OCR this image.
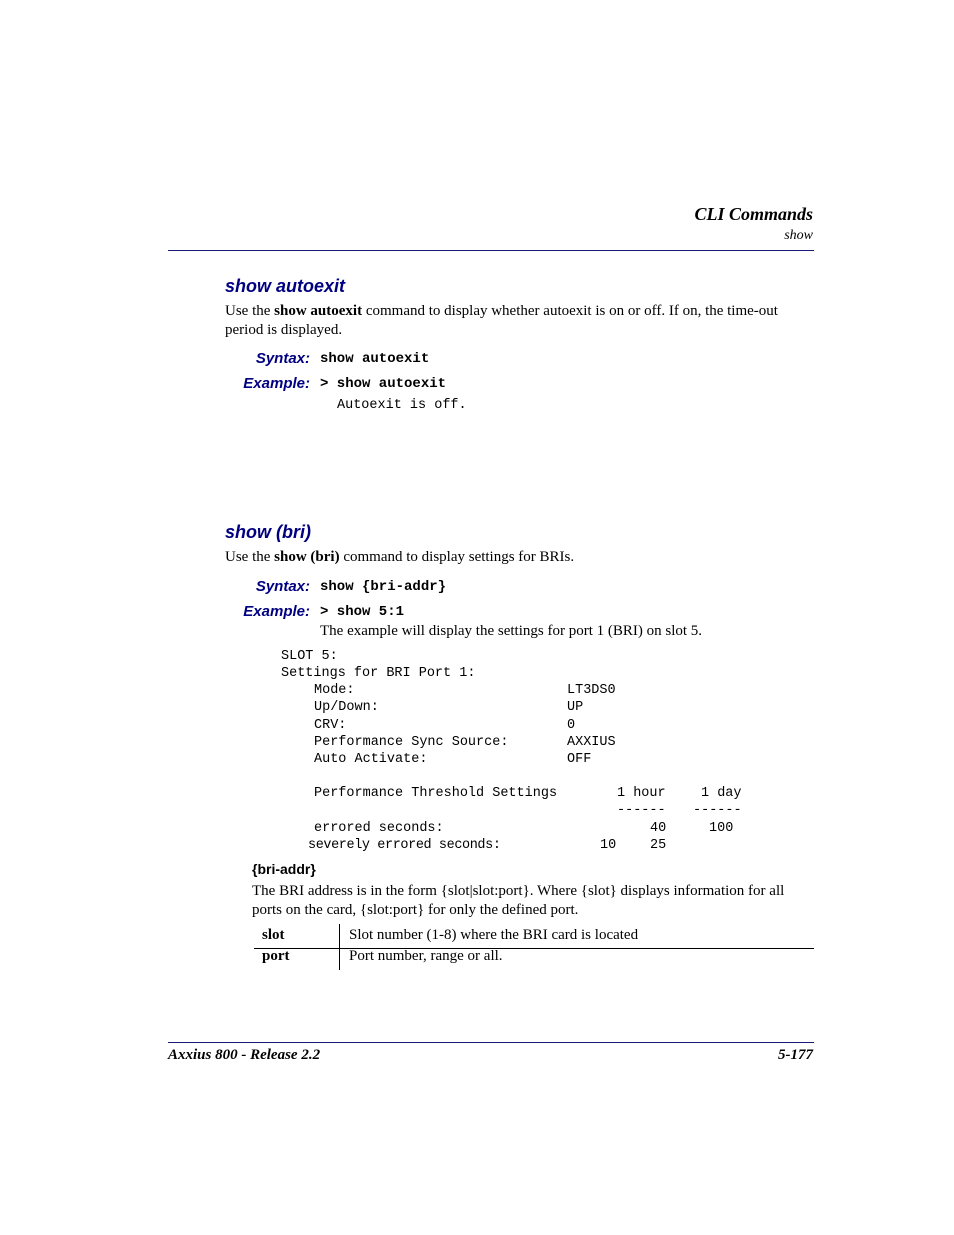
CLI Commands
show
show autoexit
Use the show autoexit command to display whether autoexit is on or off. If on, the time-out period is displayed.
Syntax: show autoexit
Example: > show autoexit
Autoexit is off.
show (bri)
Use the show (bri) command to display settings for BRIs.
Syntax: show {bri-addr}
Example: > show 5:1
The example will display the settings for port 1 (BRI) on slot 5.
SLOT 5:
Settings for BRI Port 1:
Mode:	LT3DS0
Up/Down:	UP
CRV:	0
Performance Sync Source:	AXXIUS
Auto Activate:	OFF
Performance Threshold Settings	1 hour	1 day
------ ------
errored seconds:	40	100
severely errored seconds:	10	25
{bri-addr}
The BRI address is in the form {slot|slot:port}. Where {slot} displays information for all ports on the card, {slot:port} for only the defined port.
slot	Slot number (1-8) where the BRI card is located
port	Port number, range or all.
Axxius 800 - Release 2.2	5-177
